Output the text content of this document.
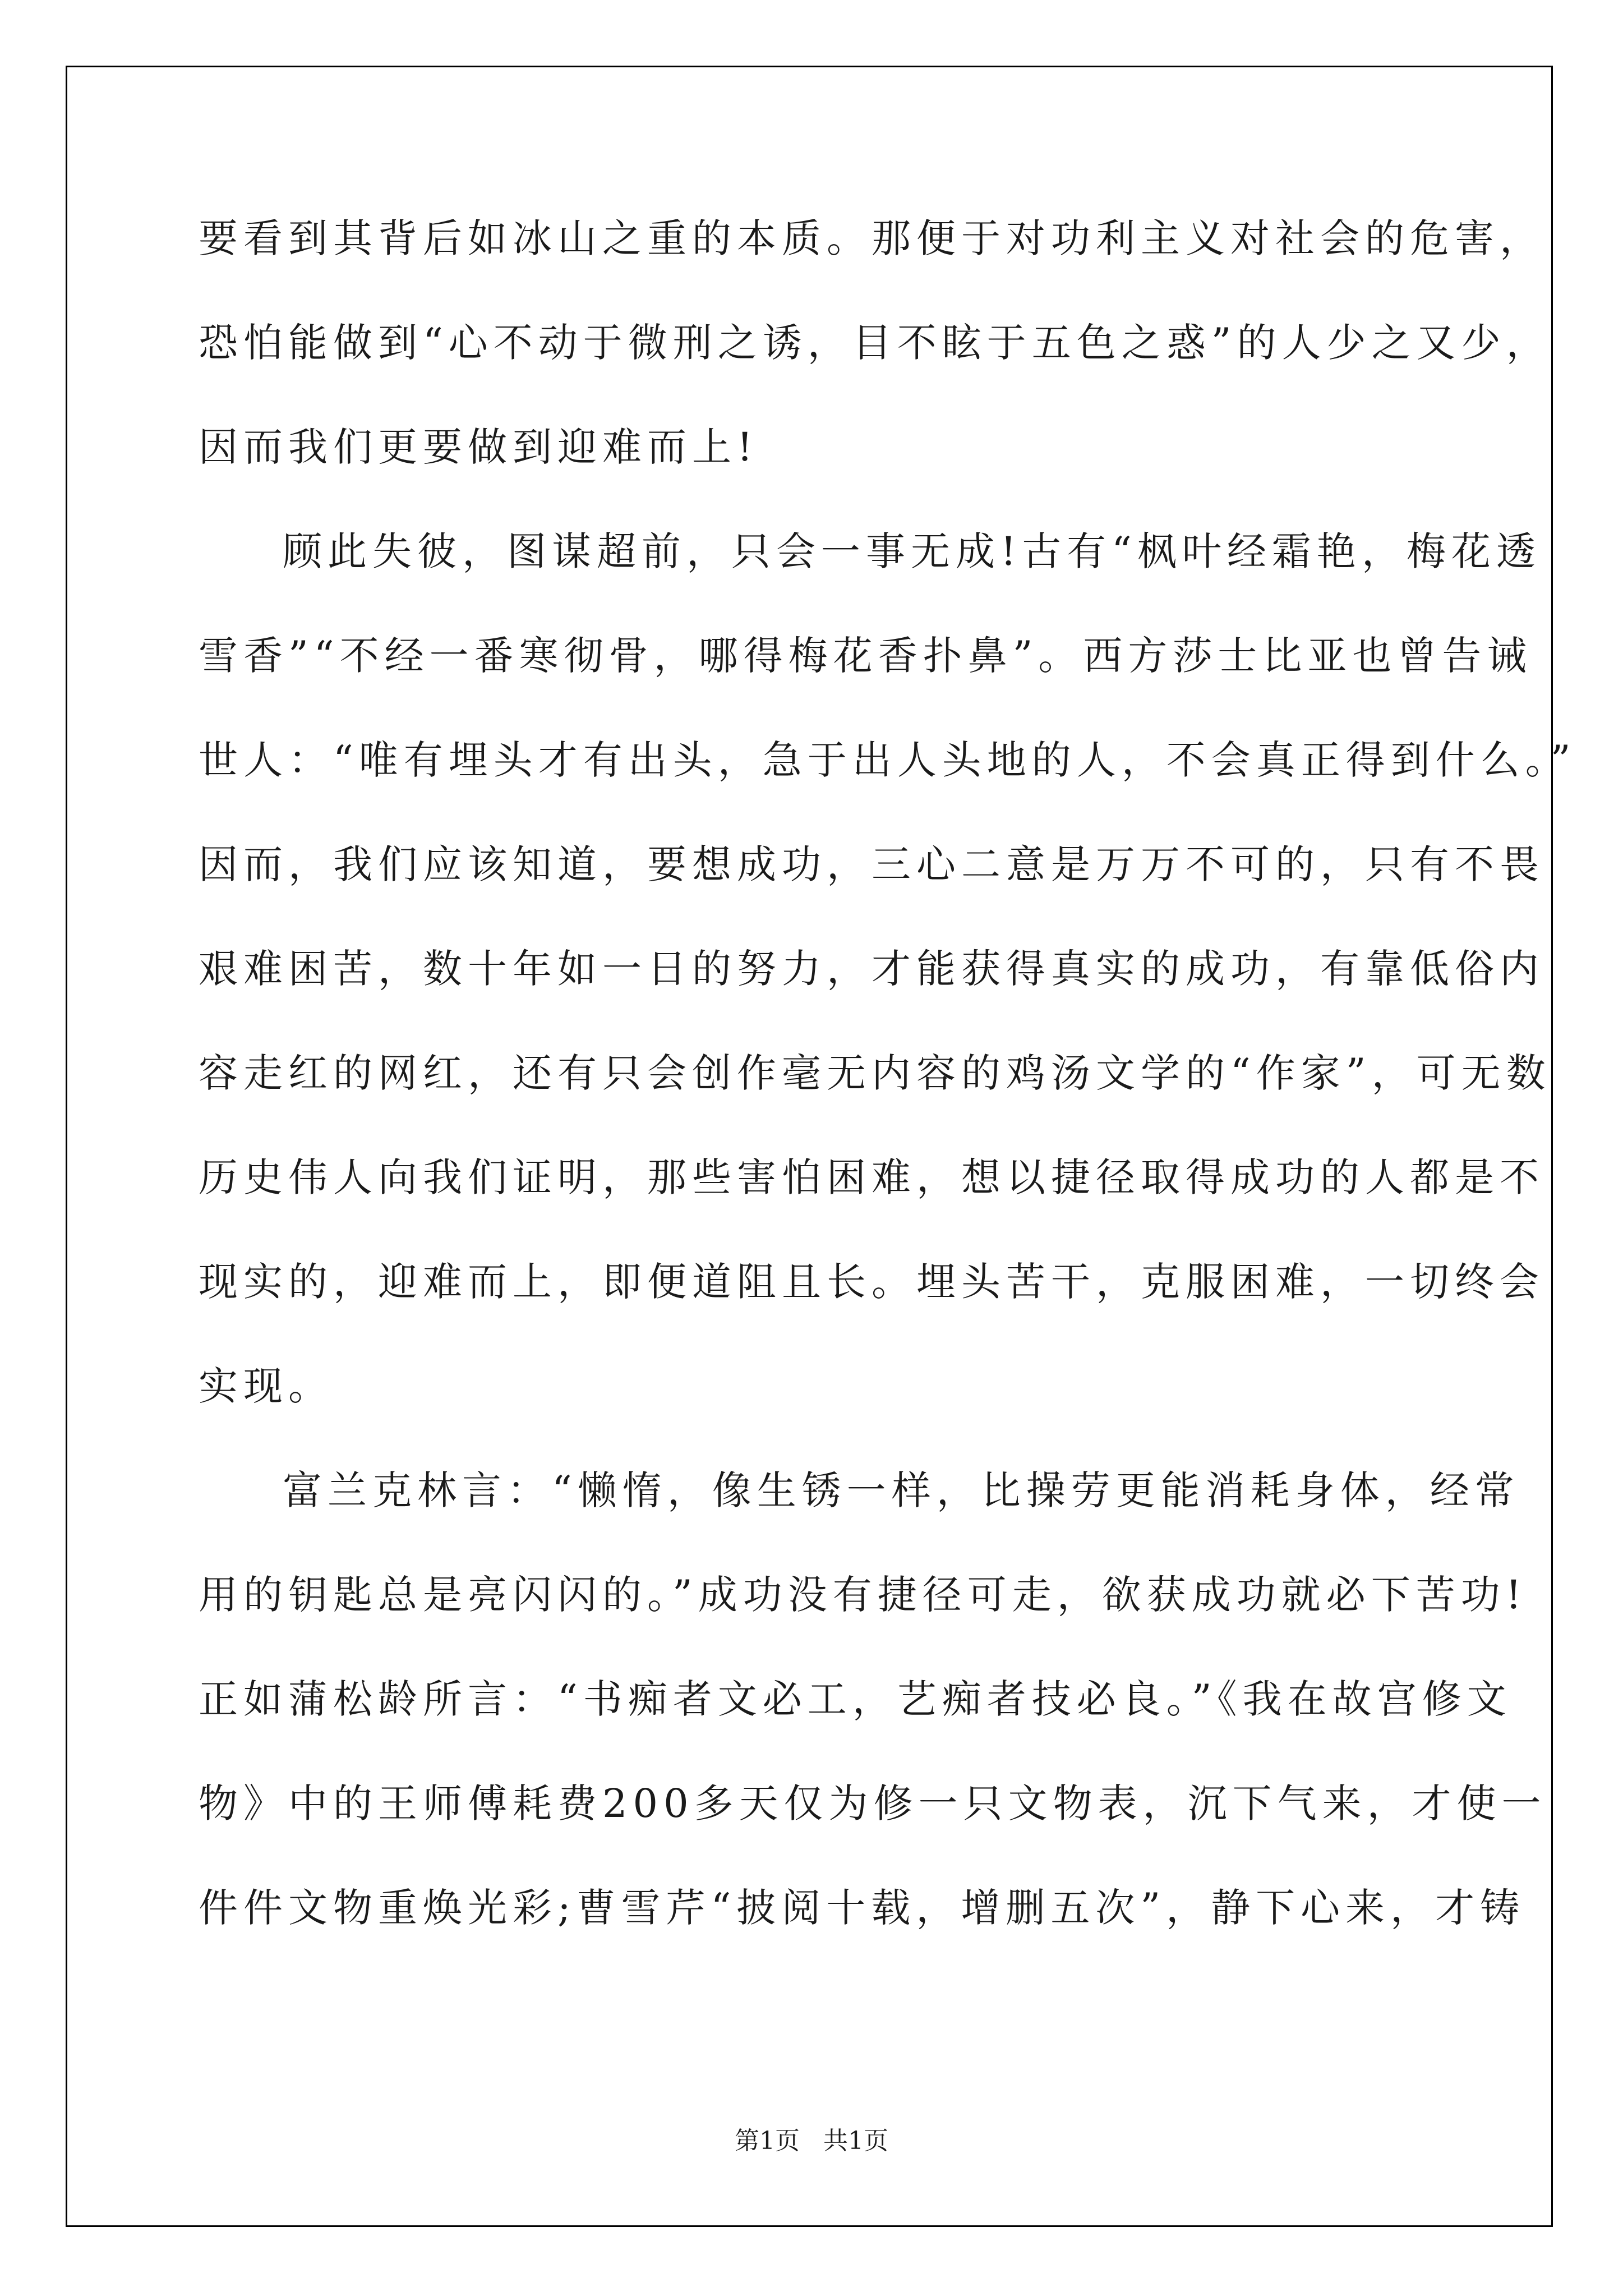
要看到其背后如冰山之重的本质。那便于对功利主义对社会的危害，
恐怕能做到“心不动于微刑之诱，目不眩于五色之惑”的人少之又少，
因而我们更要做到迎难而上!
顾此失彼，图谋超前，只会一事无成!古有“枫叶经霜艳，梅花透
雪香”“不经一番寒彻骨，哪得梅花香扑鼻”。西方莎士比亚也曾告诫
世人：“唯有埋头才有出头，急于出人头地的人，不会真正得到什么。”
因而，我们应该知道，要想成功，三心二意是万万不可的，只有不畏
艰难困苦，数十年如一日的努力，才能获得真实的成功，有靠低俗内
容走红的网红，还有只会创作毫无内容的鸡汤文学的“作家”，可无数
历史伟人向我们证明，那些害怕困难，想以捷径取得成功的人都是不
现实的，迎难而上，即便道阻且长。埋头苦干，克服困难，一切终会
实现。
富兰克林言：“懒惰，像生锈一样，比操劳更能消耗身体，经常
用的钥匙总是亮闪闪的。”成功没有捷径可走，欲获成功就必下苦功!
正如蒲松龄所言：“书痴者文必工，艺痴者技必良。”《我在故宫修文
物》中的王师傅耗费200多天仅为修一只文物表，沉下气来，才使一
件件文物重焕光彩;曹雪芹“披阅十载，增删五次”，静下心来，才铸
第1页   共1页
